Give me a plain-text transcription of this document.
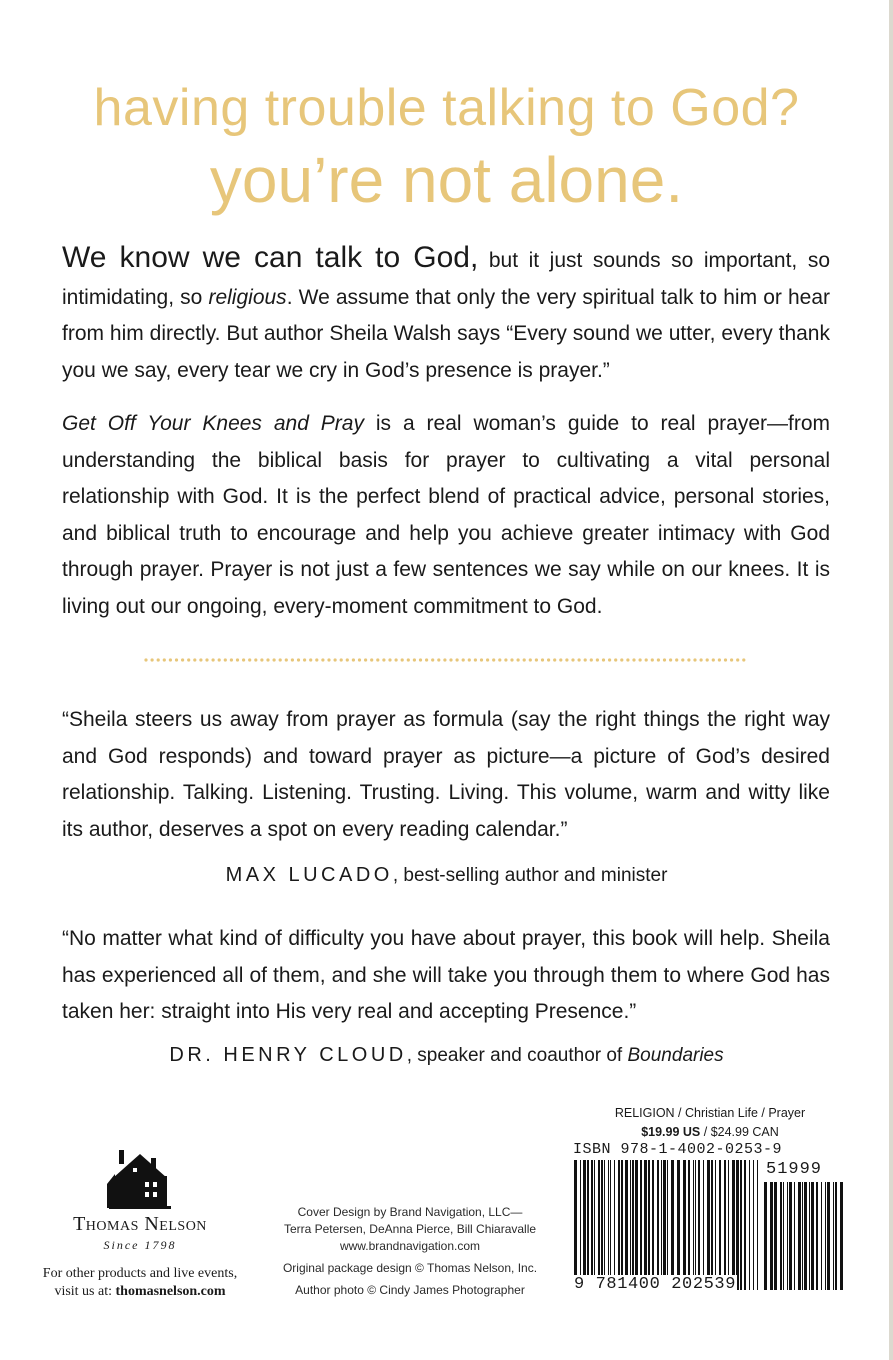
having trouble talking to God?
you’re not alone.
We know we can talk to God, but it just sounds so important, so intimidating, so religious. We assume that only the very spiritual talk to him or hear from him directly. But author Sheila Walsh says “Every sound we utter, every thank you we say, every tear we cry in God’s presence is prayer.”
Get Off Your Knees and Pray is a real woman’s guide to real prayer—from understanding the biblical basis for prayer to cultivating a vital personal relationship with God. It is the perfect blend of practical advice, personal stories, and biblical truth to encourage and help you achieve greater intimacy with God through prayer. Prayer is not just a few sentences we say while on our knees. It is living out our ongoing, every-moment commitment to God.
“Sheila steers us away from prayer as formula (say the right things the right way and God responds) and toward prayer as picture—a picture of God’s desired relationship. Talking. Listening. Trusting. Living. This volume, warm and witty like its author, deserves a spot on every reading calendar.”
MAX LUCADO, best-selling author and minister
“No matter what kind of difficulty you have about prayer, this book will help. Sheila has experienced all of them, and she will take you through them to where God has taken her: straight into His very real and accepting Presence.”
DR. HENRY CLOUD, speaker and coauthor of Boundaries
Thomas Nelson
Since 1798
For other products and live events,
visit us at: thomasnelson.com
Cover Design by Brand Navigation, LLC—
Terra Petersen, DeAnna Pierce, Bill Chiaravalle
www.brandnavigation.com
Original package design © Thomas Nelson, Inc.
Author photo © Cindy James Photographer
RELIGION / Christian Life / Prayer
$19.99 US / $24.99 CAN
ISBN 978-1-4002-0253-9
51999
9 781400 202539
